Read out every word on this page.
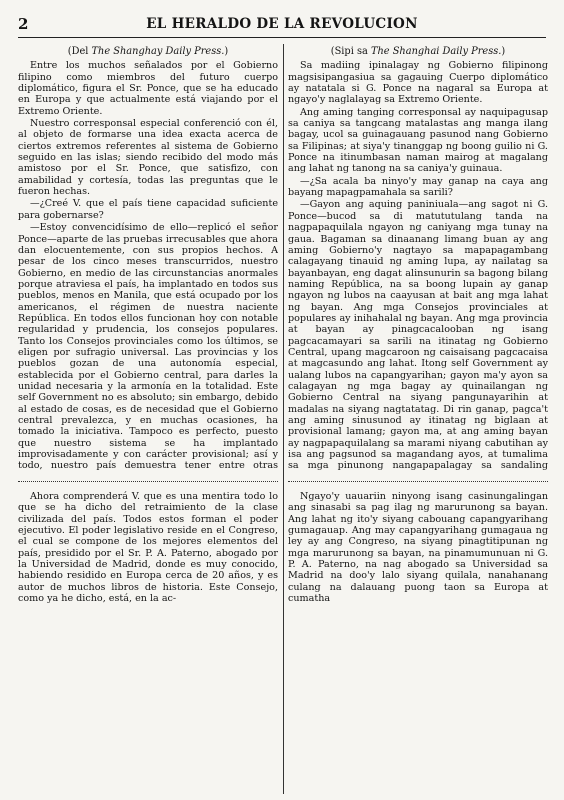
2	EL HERALDO DE LA REVOLUCION
(Del The Shanghay Daily Press.)

Entre los muchos señalados por el Gobierno filipino como miembros del futuro cuerpo diplomático, figura el Sr. Ponce, que se ha educado en Europa y que actualmente está viajando por el Extremo Oriente.

Nuestro corresponsal especial conferenció con él, al objeto de formarse una idea exacta acerca de ciertos extremos referentes al sistema de Gobierno seguido en las islas; siendo recibido del modo más amistoso por el Sr. Ponce, que satisfizo, con amabilidad y cortesía, todas las preguntas que le fueron hechas.

—¿Creé V. que el país tiene capacidad suficiente para gobernarse?

—Estoy convencidísimo de ello—replicó el señor Ponce—aparte de las pruebas irrecusables que ahora dan elocuentemente, con sus propios hechos. A pesar de los cinco meses transcurridos, nuestro Gobierno, en medio de las circunstancias anormales porque atraviesa el país, ha implantado en todos sus pueblos, menos en Manila, que está ocupado por los americanos, el régimen de nuestra naciente República. En todos ellos funcionan hoy con notable regularidad y prudencia, los consejos populares. Tanto los Consejos provinciales como los últimos, se eligen por sufragio universal. Las provincias y los pueblos gozan de una autonomía especial, establecida por el Gobierno central, para darles la unidad necesaria y la armonía en la totalidad. Este self Government no es absoluto; sin embargo, debido al estado de cosas, es de necesidad que el Gobierno central prevalezca, y en muchas ocasiones, ha tomado la iniciativa. Tampoco es perfecto, puesto que nuestro sistema se ha implantado improvisadamente y con carácter provisional; así y todo, nuestro país demuestra tener entre otras

(Sipi sa The Shanghai Daily Press.)

Sa madiing ipinalagay ng Gobierno filipinong magsisipangasiua sa gagauing Cuerpo diplomático ay natatala si G. Ponce na nagaral sa Europa at ngayo'y naglalayag sa Extremo Oriente.

Ang aming tanging corresponsal ay naquipagusap sa caniya sa tangcang matalastas ang manga ilang bagay, ucol sa guinagauang pasunod nang Gobierno sa Filipinas; at siya'y tinanggap ng boong guilio ni G. Ponce na itinumbasan naman mairog at magalang ang lahat ng tanong na sa caniya'y guinaua.

—¿Sa acala ba ninyo'y may ganap na caya ang bayang mapagpamahala sa sarili?

—Gayon ang aquing paniniuala—ang sagot ni G. Ponce—bucod sa di matututulang tanda na nagpapaquilala ngayon ng caniyang mga tunay na gaua. Bagaman sa dinaanang limang buan ay ang aming Gobierno'y nagtayo sa mapapagambang calagayang tinauid ng aming lupa, ay nailatag sa bayanbayan, eng dagat alinsunurin sa bagong bilang naming República, na sa boong lupain ay ganap ngayon ng lubos na caayusan at bait ang mga lahat ng bayan. Ang mga Consejos provinciales at populares ay inihahalal ng bayan. Ang mga provincia at bayan ay pinagcacalooban ng isang pagcacamayari sa sarili na itinatag ng Gobierno Central, upang magcaroon ng caisaisang pagcacaisa at magcasundo ang lahat. Itong self Government ay ualang lubos na capangyarihan; gayon ma'y ayon sa calagayan ng mga bagay ay quinailangan ng Gobierno Central na siyang pangunayarihin at madalas na siyang nagtatatag. Di rin ganap, pagca't ang aming sinusunod ay itinatag ng biglaan at provisional lamang; gayon ma, at ang aming bayan ay nagpapaquilalang sa marami niyang cabutihan ay isa ang pagsunod sa magandang ayos, at tumalima sa mga pinunong nangapapalagay sa sandaling

Ahora comprenderá V. que es una mentira todo lo que se ha dicho del retraimiento de la clase civilizada del país. Todos estos forman el poder ejecutivo. El poder legislativo reside en el Congreso, el cual se compone de los mejores elementos del país, presidido por el Sr. P. A. Paterno, abogado por la Universidad de Madrid, donde es muy conocido, habiendo residido en Europa cerca de 20 años, y es autor de muchos libros de historia. Este Consejo, como ya he dicho, está, en la ac-

Ngayo'y uauariin ninyong isang casinungalingan ang sinasabi sa pag ilag ng marurunong sa bayan. Ang lahat ng ito'y siyang cabouang capangyarihang gumagauap. Ang may capangyarihang gumagaua ng ley ay ang Congreso, na siyang pinagtitipunan ng mga marurunong sa bayan, na pinamumunuan ni G. P. A. Paterno, na nag abogado sa Universidad sa Madrid na doo'y lalo siyang quilala, nanahanang culang na dalauang puong taon sa Europa at cumatha
